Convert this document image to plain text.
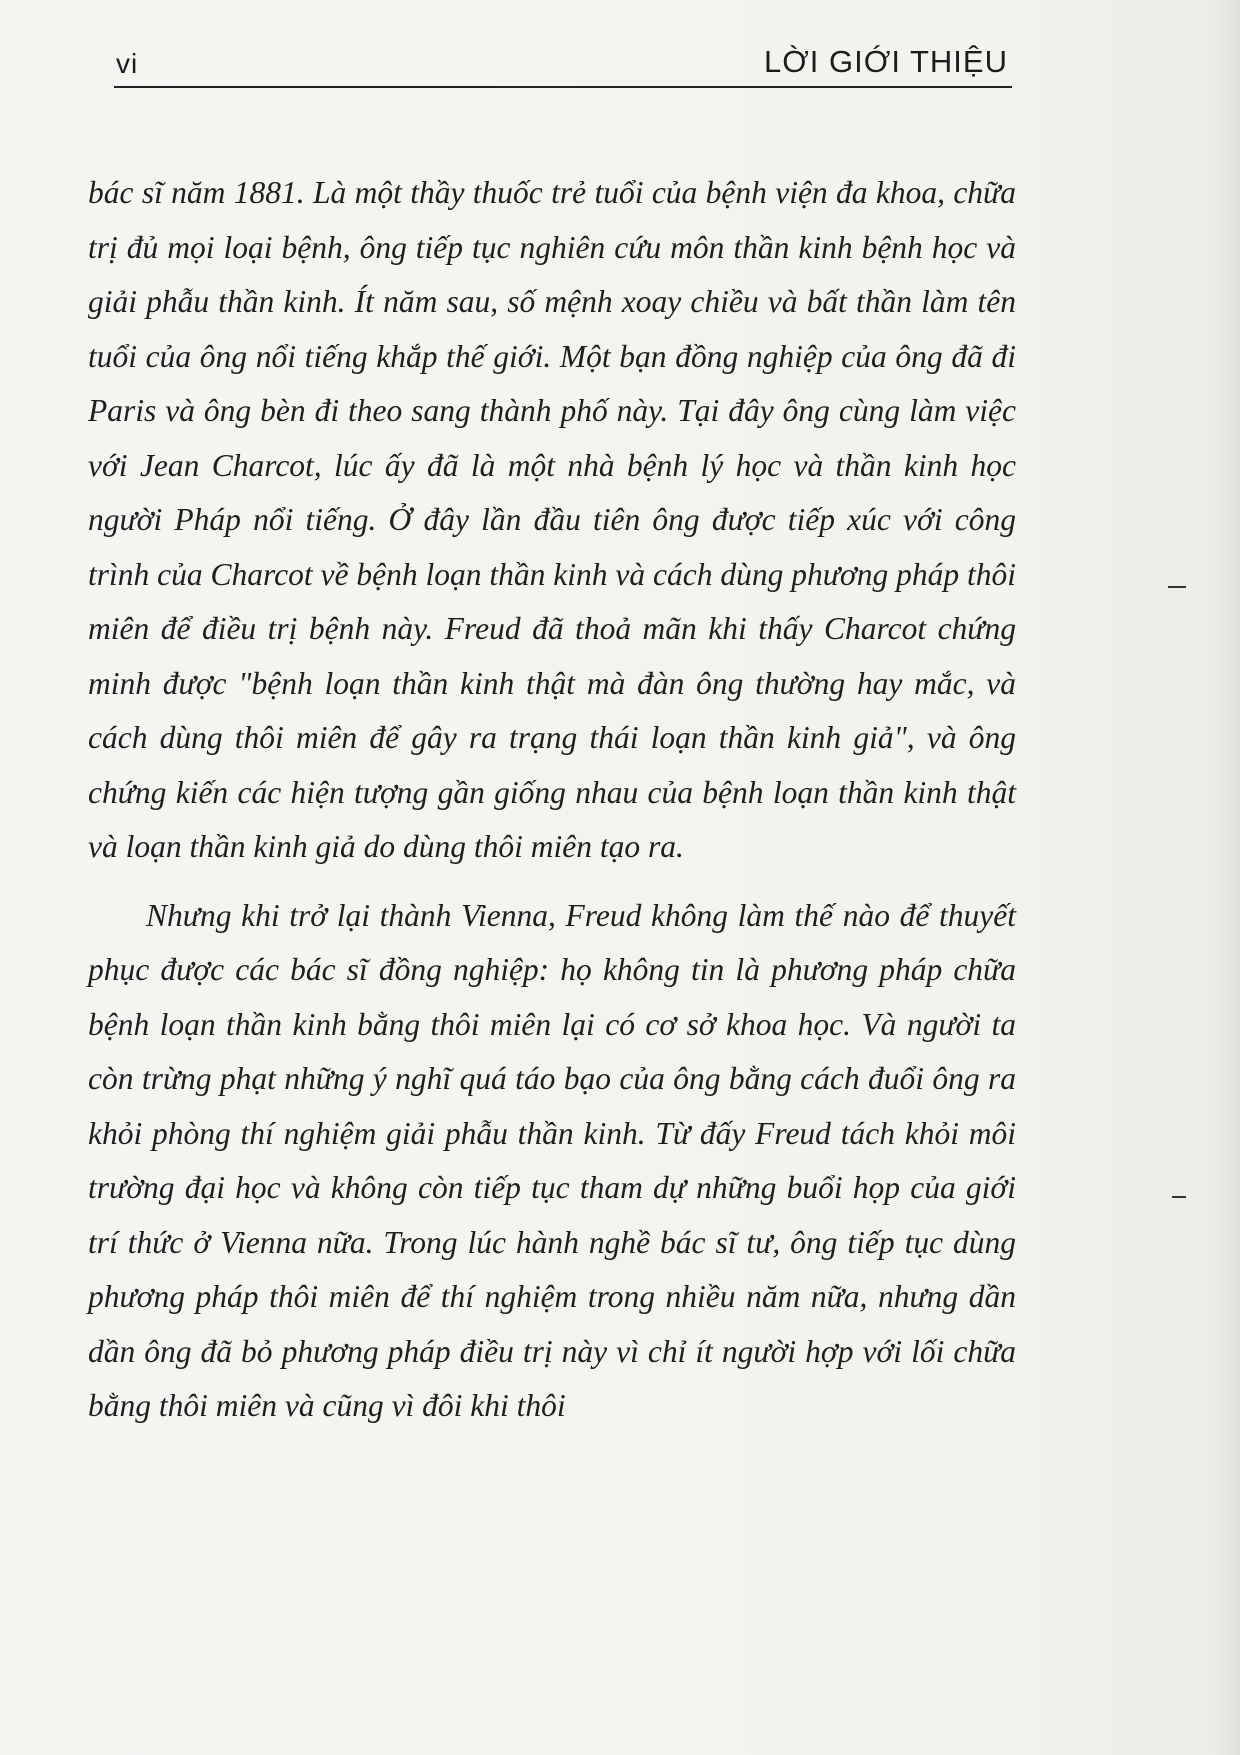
vi	LỜI GIỚI THIỆU

bác sĩ năm 1881. Là một thầy thuốc trẻ tuổi của bệnh viện đa khoa, chữa trị đủ mọi loại bệnh, ông tiếp tục nghiên cứu môn thần kinh bệnh học và giải phẫu thần kinh. Ít năm sau, số mệnh xoay chiều và bất thần làm tên tuổi của ông nổi tiếng khắp thế giới. Một bạn đồng nghiệp của ông đã đi Paris và ông bèn đi theo sang thành phố này. Tại đây ông cùng làm việc với Jean Charcot, lúc ấy đã là một nhà bệnh lý học và thần kinh học người Pháp nổi tiếng. Ở đây lần đầu tiên ông được tiếp xúc với công trình của Charcot về bệnh loạn thần kinh và cách dùng phương pháp thôi miên để điều trị bệnh này. Freud đã thoả mãn khi thấy Charcot chứng minh được "bệnh loạn thần kinh thật mà đàn ông thường hay mắc, và cách dùng thôi miên để gây ra trạng thái loạn thần kinh giả", và ông chứng kiến các hiện tượng gần giống nhau của bệnh loạn thần kinh thật và loạn thần kinh giả do dùng thôi miên tạo ra.

Nhưng khi trở lại thành Vienna, Freud không làm thế nào để thuyết phục được các bác sĩ đồng nghiệp: họ không tin là phương pháp chữa bệnh loạn thần kinh bằng thôi miên lại có cơ sở khoa học. Và người ta còn trừng phạt những ý nghĩ quá táo bạo của ông bằng cách đuổi ông ra khỏi phòng thí nghiệm giải phẫu thần kinh. Từ đấy Freud tách khỏi môi trường đại học và không còn tiếp tục tham dự những buổi họp của giới trí thức ở Vienna nữa. Trong lúc hành nghề bác sĩ tư, ông tiếp tục dùng phương pháp thôi miên để thí nghiệm trong nhiều năm nữa, nhưng dần dần ông đã bỏ phương pháp điều trị này vì chỉ ít người hợp với lối chữa bằng thôi miên và cũng vì đôi khi thôi
